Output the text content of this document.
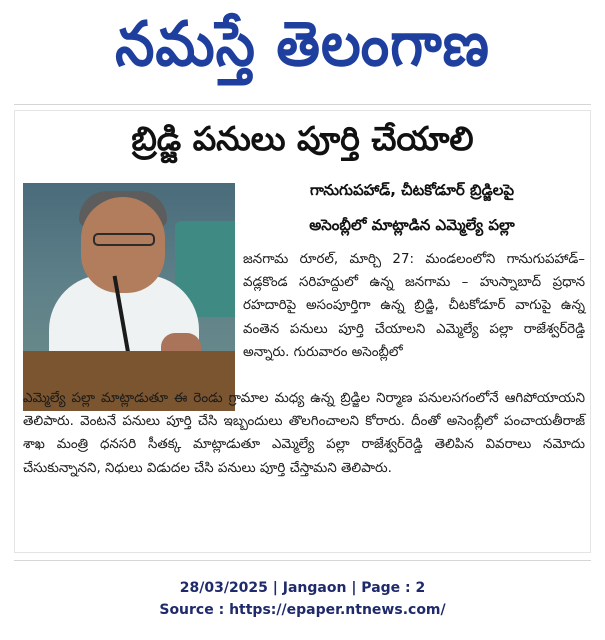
నమస్తే తెలంగాణ
బ్రిడ్జి పనులు పూర్తి చేయాలి
గానుగుపహాడ్, చీటకోడూర్ బ్రిడ్జిలపై
అసెంబ్లీలో మాట్లాడిన ఎమ్మెల్యే పల్లా
జనగామ రూరల్, మార్చి 27: మండలంలోని గానుగుపహాడ్–వడ్లకొండ సరిహద్దులో ఉన్న జనగామ – హుస్నాబాద్ ప్రధాన రహదారిపై అసంపూర్తిగా ఉన్న బ్రిడ్జి, చీటకోడూర్ వాగుపై ఉన్న వంతెన పనులు పూర్తి చేయాలని ఎమ్మెల్యే పల్లా రాజేశ్వర్‌రెడ్డి అన్నారు. గురువారం అసెంబ్లీలో
ఎమ్మెల్యే పల్లా మాట్లాడుతూ ఈ రెండు గ్రామాల మధ్య ఉన్న బ్రిడ్జిల నిర్మాణ పనులసగంలోనే ఆగిపోయాయని తెలిపారు. వెంటనే పనులు పూర్తి చేసి ఇబ్బందులు తొలగించాలని కోరారు. దీంతో అసెంబ్లీలో పంచాయతీరాజ్ శాఖ మంత్రి ధనసరి సీతక్క మాట్లాడుతూ ఎమ్మెల్యే పల్లా రాజేశ్వర్‌రెడ్డి తెలిపిన వివరాలు నమోదు చేసుకున్నానని, నిధులు విడుదల చేసి పనులు పూర్తి చేస్తామని తెలిపారు.
28/03/2025 | Jangaon | Page : 2
Source : https://epaper.ntnews.com/
